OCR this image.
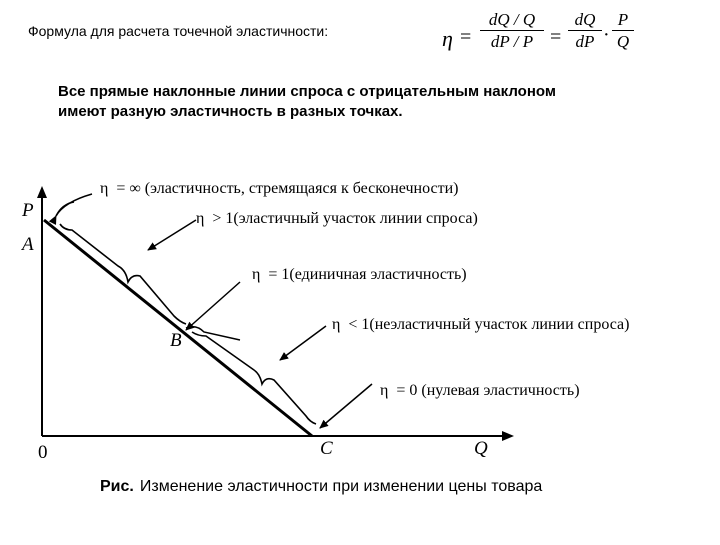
Формула для расчета точечной эластичности:	$\eta = \frac{dQ / Q}{dP / P} = \frac{dQ}{dP} \cdot \frac{P}{Q}$
Все прямые наклонные линии спроса с отрицательным наклоном
имеют разную эластичность в разных точках.
P
A
B
C
0	Q
η = ∞ (эластичность, стремящаяся к бесконечности)
η > 1(эластичный участок линии спроса)
η = 1(единичная эластичность)
η < 1(неэластичный участок линии спроса)
η = 0 (нулевая эластичность)
Рис. Изменение эластичности при изменении цены товара
